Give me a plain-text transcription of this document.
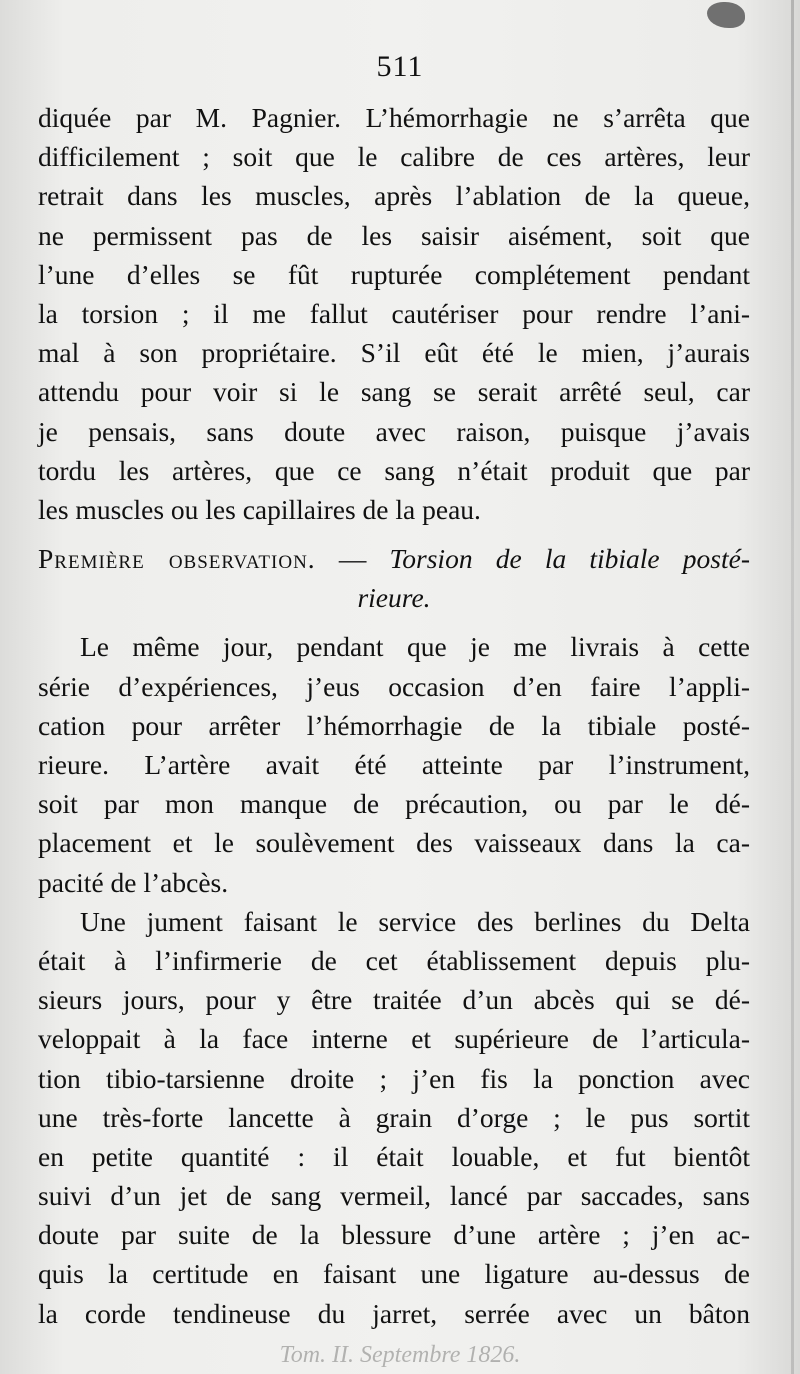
511
diquée par M. Pagnier. L’hémorrhagie ne s’arrêta que
difficilement ; soit que le calibre de ces artères, leur
retrait dans les muscles, après l’ablation de la queue,
ne permissent pas de les saisir aisément, soit que
l’une d’elles se fût rupturée complétement pendant
la torsion ; il me fallut cautériser pour rendre l’ani-
mal à son propriétaire. S’il eût été le mien, j’aurais
attendu pour voir si le sang se serait arrêté seul, car
je pensais, sans doute avec raison, puisque j’avais
tordu les artères, que ce sang n’était produit que par
les muscles ou les capillaires de la peau.
Première observation. — Torsion de la tibiale posté-
rieure.
Le même jour, pendant que je me livrais à cette
série d’expériences, j’eus occasion d’en faire l’appli-
cation pour arrêter l’hémorrhagie de la tibiale posté-
rieure. L’artère avait été atteinte par l’instrument,
soit par mon manque de précaution, ou par le dé-
placement et le soulèvement des vaisseaux dans la ca-
pacité de l’abcès.
Une jument faisant le service des berlines du Delta
était à l’infirmerie de cet établissement depuis plu-
sieurs jours, pour y être traitée d’un abcès qui se dé-
veloppait à la face interne et supérieure de l’articula-
tion tibio-tarsienne droite ; j’en fis la ponction avec
une très-forte lancette à grain d’orge ; le pus sortit
en petite quantité : il était louable, et fut bientôt
suivi d’un jet de sang vermeil, lancé par saccades, sans
doute par suite de la blessure d’une artère ; j’en ac-
quis la certitude en faisant une ligature au-dessus de
la corde tendineuse du jarret, serrée avec un bâton
Tom. II. Septembre 1826.
